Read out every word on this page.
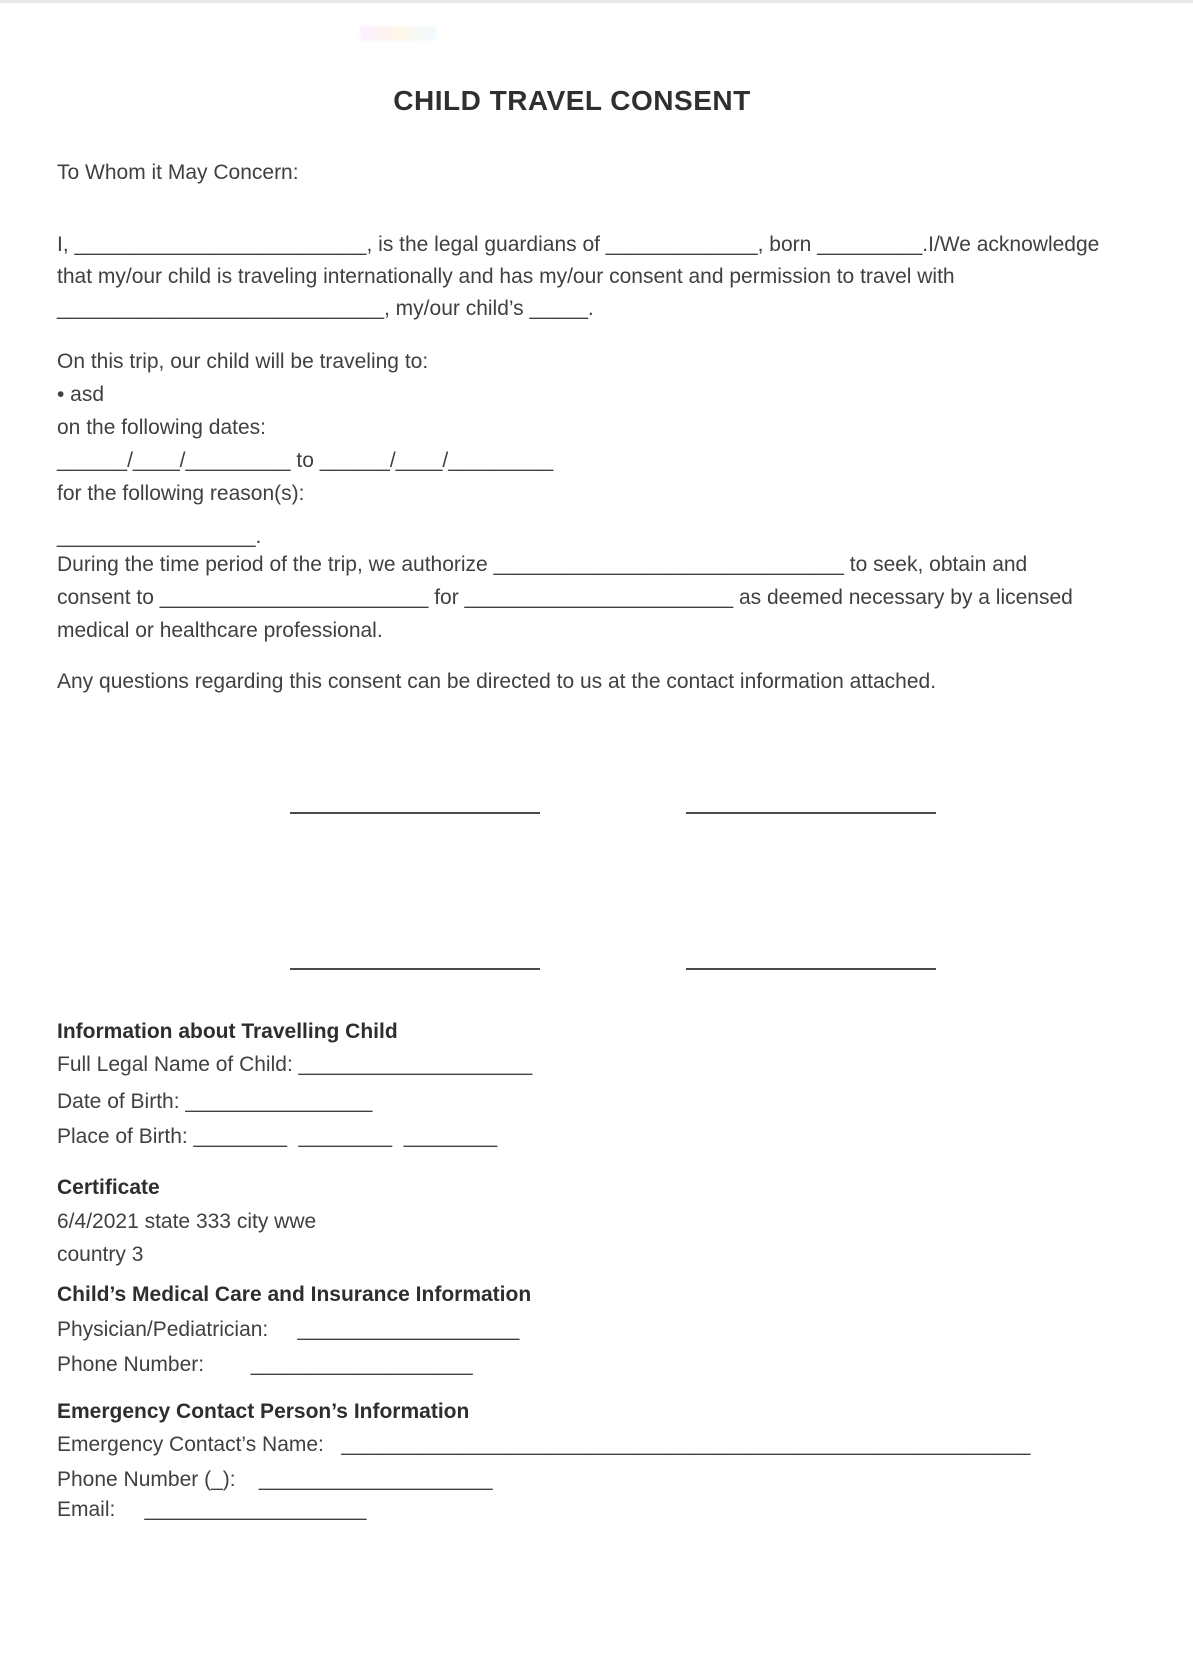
CHILD TRAVEL CONSENT
To Whom it May Concern:
I, _________________________, is the legal guardians of _____________, born _________.I/We acknowledge
that my/our child is traveling internationally and has my/our consent and permission to travel with
____________________________, my/our child’s _____.
On this trip, our child will be traveling to:
• asd
on the following dates:
______/____/_________ to ______/____/_________
for the following reason(s):
_________________.
During the time period of the trip, we authorize ______________________________ to seek, obtain and
consent to _______________________ for _______________________ as deemed necessary by a licensed
medical or healthcare professional.
Any questions regarding this consent can be directed to us at the contact information attached.
Information about Travelling Child
Full Legal Name of Child: ____________________
Date of Birth: ________________
Place of Birth: ________  ________  ________
Certificate
6/4/2021 state 333 city wwe
country 3
Child’s Medical Care and Insurance Information
Physician/Pediatrician:     ___________________
Phone Number:        ___________________
Emergency Contact Person’s Information
Emergency Contact’s Name:   ___________________________________________________________
Phone Number (_):    ____________________
Email:     ___________________
